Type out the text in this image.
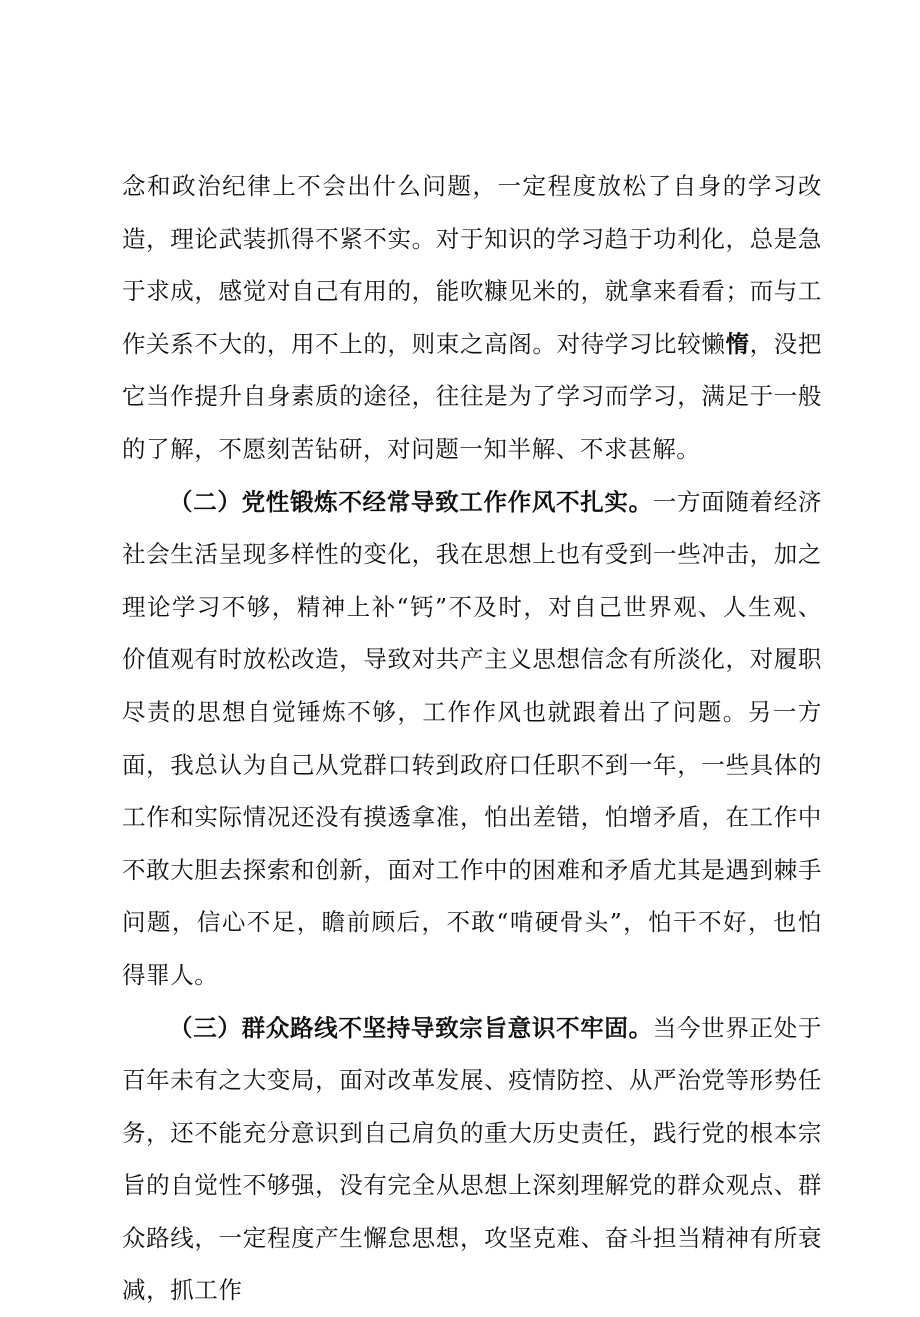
念和政治纪律上不会出什么问题，一定程度放松了自身的学习改造，理论武装抓得不紧不实。对于知识的学习趋于功利化，总是急于求成，感觉对自己有用的，能吹糠见米的，就拿来看看；而与工作关系不大的，用不上的，则束之高阁。对待学习比较懒惰，没把它当作提升自身素质的途径，往往是为了学习而学习，满足于一般的了解，不愿刻苦钻研，对问题一知半解、不求甚解。

（二）党性锻炼不经常导致工作作风不扎实。一方面随着经济社会生活呈现多样性的变化，我在思想上也有受到一些冲击，加之理论学习不够，精神上补“钙”不及时，对自己世界观、人生观、价值观有时放松改造，导致对共产主义思想信念有所淡化，对履职尽责的思想自觉锤炼不够，工作作风也就跟着出了问题。另一方面，我总认为自己从党群口转到政府口任职不到一年，一些具体的工作和实际情况还没有摸透拿准，怕出差错，怕增矛盾，在工作中不敢大胆去探索和创新，面对工作中的困难和矛盾尤其是遇到棘手问题，信心不足，瞻前顾后，不敢“啃硬骨头”，怕干不好，也怕得罪人。

（三）群众路线不坚持导致宗旨意识不牢固。当今世界正处于百年未有之大变局，面对改革发展、疫情防控、从严治党等形势任务，还不能充分意识到自己肩负的重大历史责任，践行党的根本宗旨的自觉性不够强，没有完全从思想上深刻理解党的群众观点、群众路线，一定程度产生懈怠思想，攻坚克难、奋斗担当精神有所衰减，抓工作
